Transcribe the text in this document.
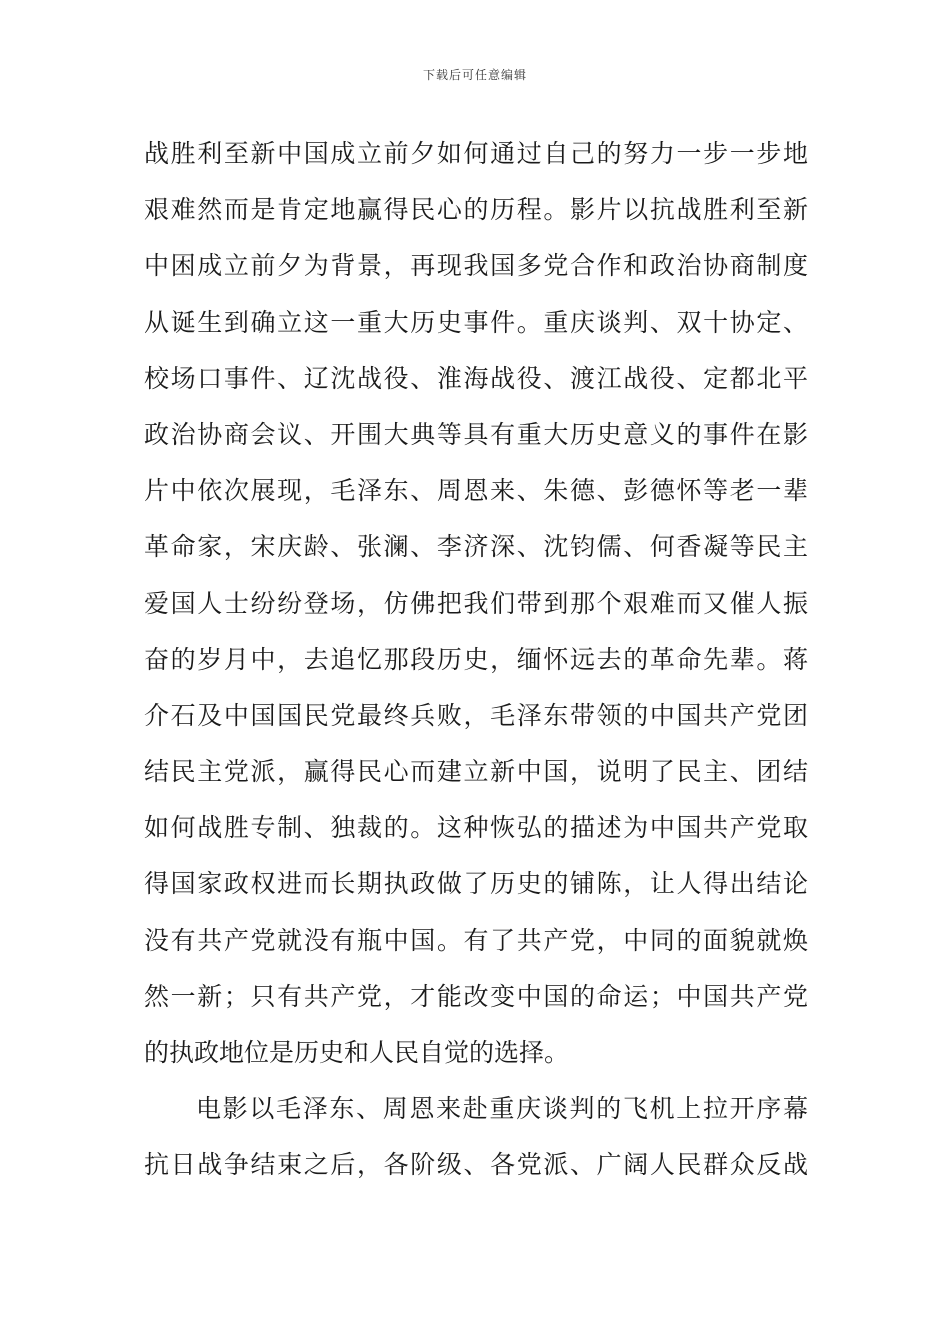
下载后可任意编辑
战胜利至新中国成立前夕如何通过自己的努力一步一步地
艰难然而是肯定地赢得民心的历程。影片以抗战胜利至新
中困成立前夕为背景，再现我国多党合作和政治协商制度
从诞生到确立这一重大历史事件。重庆谈判、双十协定、
校场口事件、辽沈战役、淮海战役、渡江战役、定都北平
政治协商会议、开围大典等具有重大历史意义的事件在影
片中依次展现，毛泽东、周恩来、朱德、彭德怀等老一辈
革命家，宋庆龄、张澜、李济深、沈钧儒、何香凝等民主
爱国人士纷纷登场，仿佛把我们带到那个艰难而又催人振
奋的岁月中，去追忆那段历史，缅怀远去的革命先辈。蒋
介石及中国国民党最终兵败，毛泽东带领的中国共产党团
结民主党派，赢得民心而建立新中国，说明了民主、团结
如何战胜专制、独裁的。这种恢弘的描述为中国共产党取
得国家政权进而长期执政做了历史的铺陈，让人得出结论
没有共产党就没有瓶中国。有了共产党，中同的面貌就焕
然一新；只有共产党，才能改变中国的命运；中国共产党
的执政地位是历史和人民自觉的选择。
电影以毛泽东、周恩来赴重庆谈判的飞机上拉开序幕
抗日战争结束之后，各阶级、各党派、广阔人民群众反战
